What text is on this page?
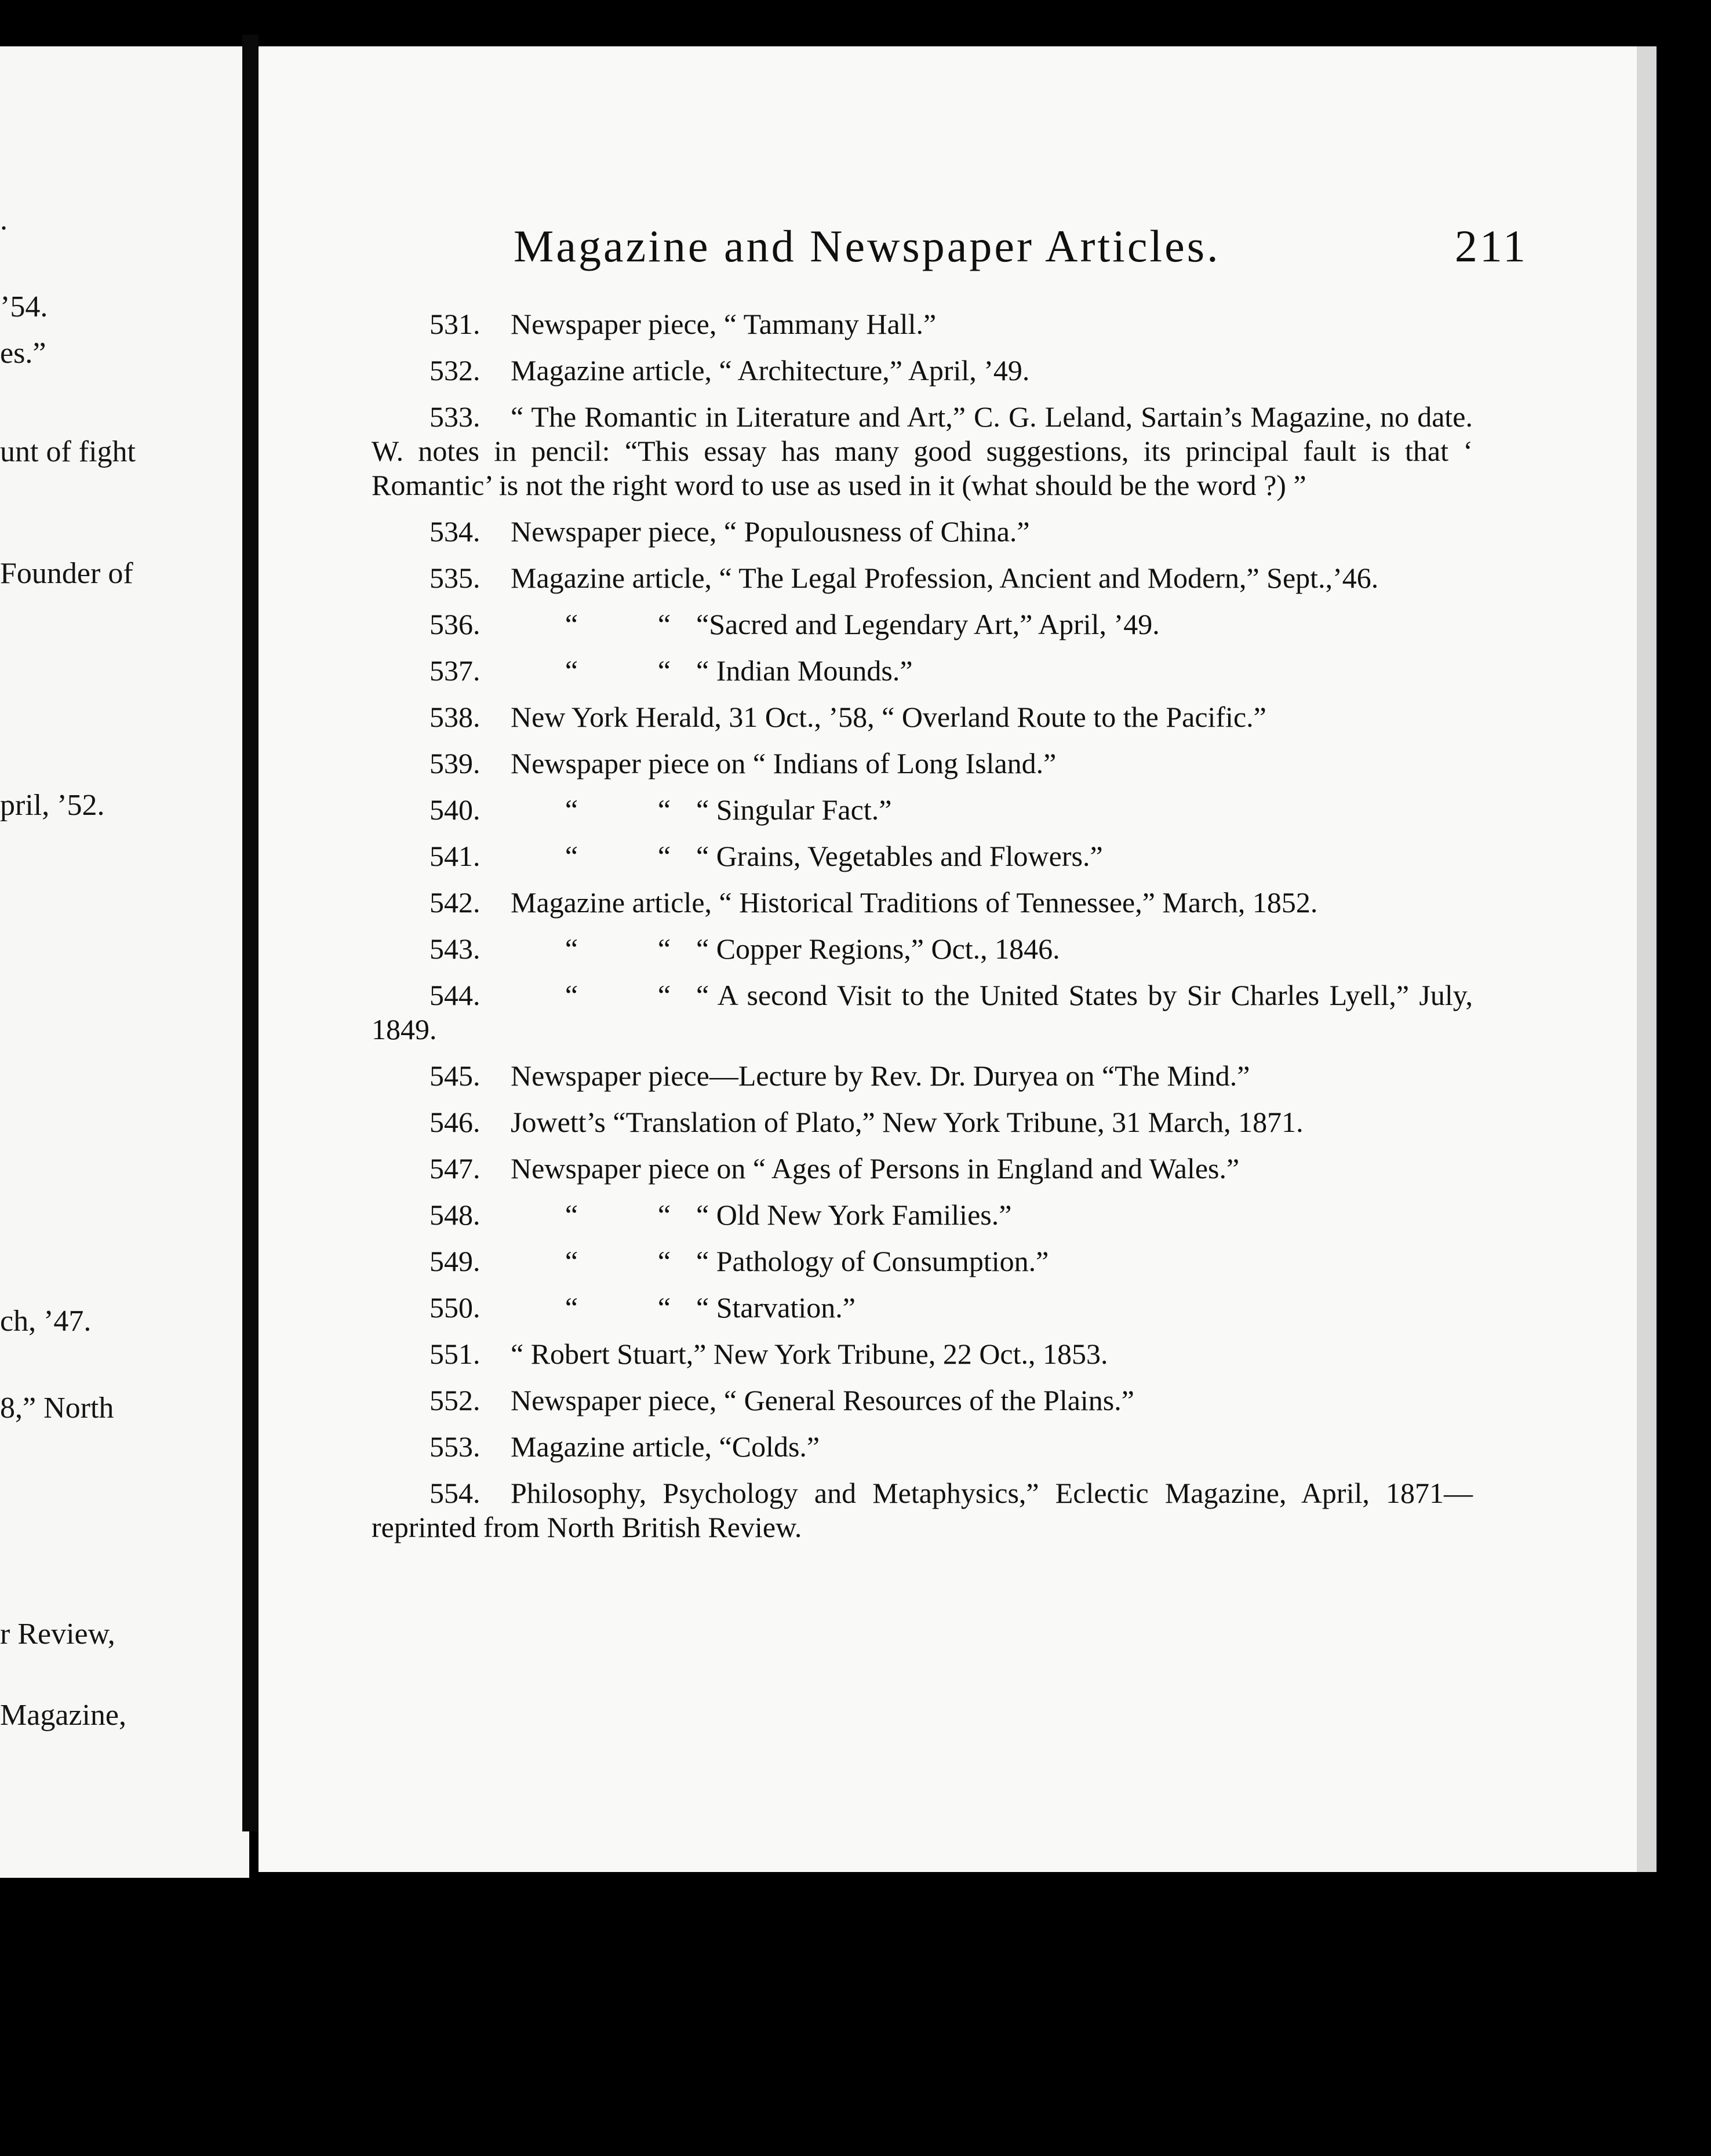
.
’54.
es.”
unt of fight
Founder of
pril, ’52.
ch, ’47.
8,” North
r Review,
Magazine,
Magazine and Newspaper Articles.	211
531.	Newspaper piece, “ Tammany Hall.”
532.	Magazine article, “ Architecture,” April, ’49.
533.	“ The Romantic in Literature and Art,” C. G. Leland, Sartain’s Magazine, no date. W. notes in pencil: “This essay has many good suggestions, its principal fault is that ‘ Romantic’ is not the right word to use as used in it (what should be the word ?) ”
534.	Newspaper piece, “ Populousness of China.”
535.	Magazine article, “ The Legal Profession, Ancient and Modern,” Sept.,’46.
536.	“	“ “Sacred and Legendary Art,” April, ’49.
537.	“	“ “ Indian Mounds.”
538.	New York Herald, 31 Oct., ’58, “ Overland Route to the Pacific.”
539.	Newspaper piece on “ Indians of Long Island.”
540.	“	“ “ Singular Fact.”
541.	“	“ “ Grains, Vegetables and Flowers.”
542.	Magazine article, “ Historical Traditions of Tennessee,” March, 1852.
543.	“	“ “ Copper Regions,” Oct., 1846.
544.	“	“ “ A second Visit to the United States by Sir Charles Lyell,” July, 1849.
545.	Newspaper piece—Lecture by Rev. Dr. Duryea on “The Mind.”
546.	Jowett’s “Translation of Plato,” New York Tribune, 31 March, 1871.
547.	Newspaper piece on “ Ages of Persons in England and Wales.”
548.	“	“ “ Old New York Families.”
549.	“	“ “ Pathology of Consumption.”
550.	“	“ “ Starvation.”
551.	“ Robert Stuart,” New York Tribune, 22 Oct., 1853.
552.	Newspaper piece, “ General Resources of the Plains.”
553.	Magazine article, “Colds.”
554.	Philosophy, Psychology and Metaphysics,” Eclectic Magazine, April, 1871—reprinted from North British Review.
